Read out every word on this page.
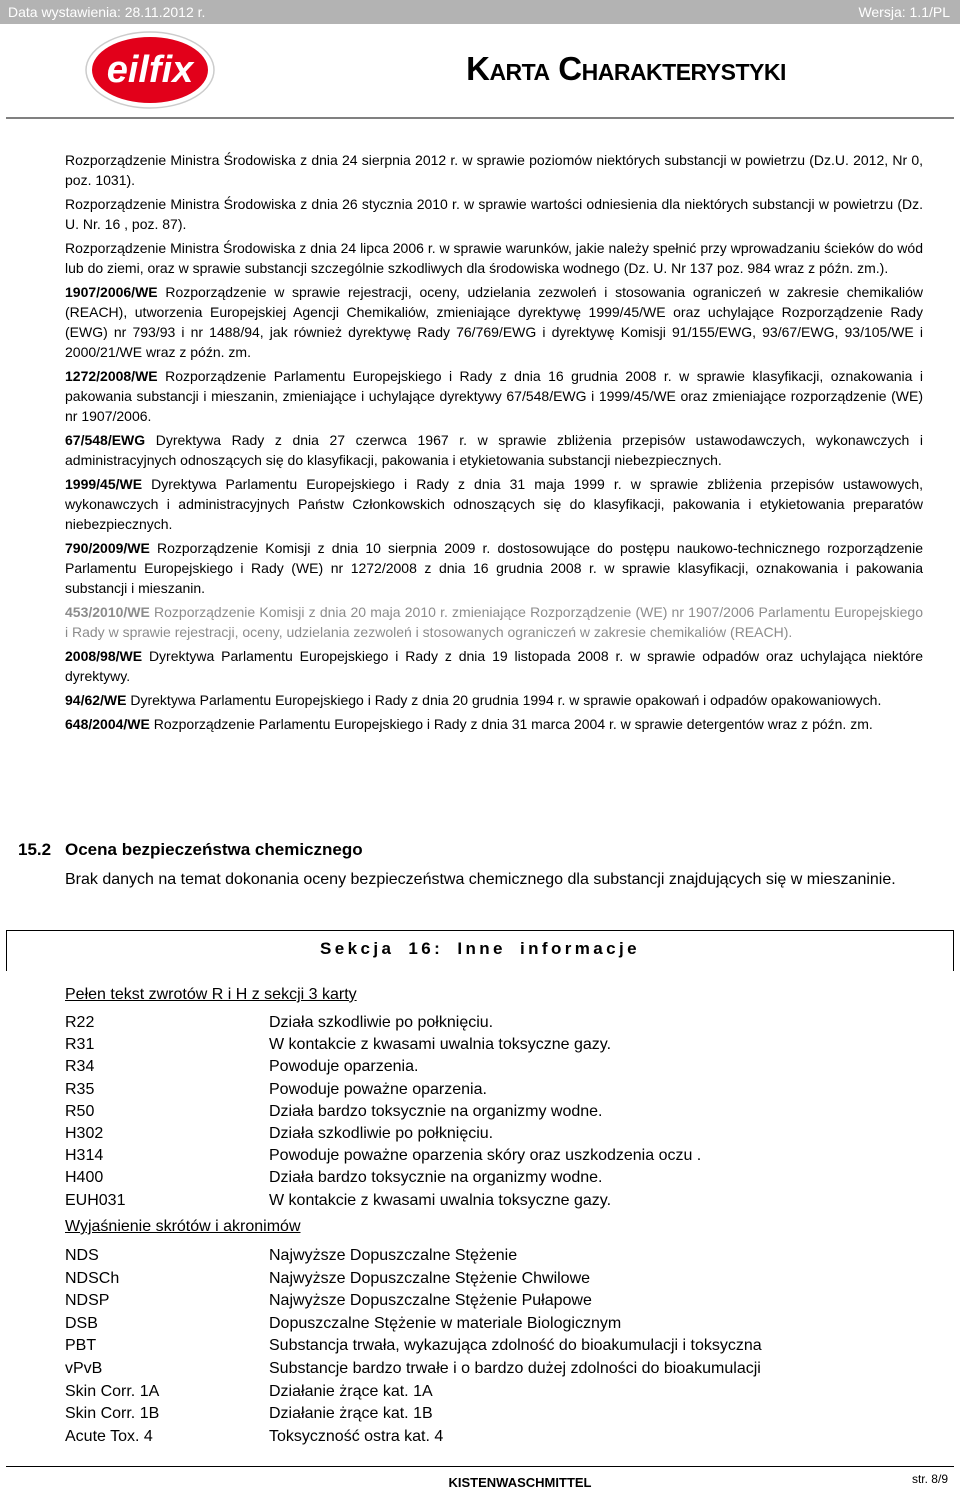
Data wystawienia: 28.11.2012 r.	Wersja: 1.1/PL
eilfix	Karta Charakterystyki

Rozporządzenie Ministra Środowiska z dnia 24 sierpnia 2012 r. w sprawie poziomów niektórych substancji w powietrzu (Dz.U. 2012, Nr 0, poz. 1031).

Rozporządzenie Ministra Środowiska z dnia 26 stycznia 2010 r. w sprawie wartości odniesienia dla niektórych substancji w powietrzu (Dz. U. Nr. 16 , poz. 87).

Rozporządzenie Ministra Środowiska z dnia 24 lipca 2006 r. w sprawie warunków, jakie należy spełnić przy wprowadzaniu ścieków do wód lub do ziemi, oraz w sprawie substancji szczególnie szkodliwych dla środowiska wodnego (Dz. U. Nr 137 poz. 984 wraz z późn. zm.).

1907/2006/WE Rozporządzenie w sprawie rejestracji, oceny, udzielania zezwoleń i stosowania ograniczeń w zakresie chemikaliów (REACH), utworzenia Europejskiej Agencji Chemikaliów, zmieniające dyrektywę 1999/45/WE oraz uchylające Rozporządzenie Rady (EWG) nr 793/93 i nr 1488/94, jak również dyrektywę Rady 76/769/EWG i dyrektywę Komisji 91/155/EWG, 93/67/EWG, 93/105/WE i 2000/21/WE wraz z późn. zm.

1272/2008/WE Rozporządzenie Parlamentu Europejskiego i Rady z dnia 16 grudnia 2008 r. w sprawie klasyfikacji, oznakowania i pakowania substancji i mieszanin, zmieniające i uchylające dyrektywy 67/548/EWG i 1999/45/WE oraz zmieniające rozporządzenie (WE) nr 1907/2006.

67/548/EWG Dyrektywa Rady z dnia 27 czerwca 1967 r. w sprawie zbliżenia przepisów ustawodawczych, wykonawczych i administracyjnych odnoszących się do klasyfikacji, pakowania i etykietowania substancji niebezpiecznych.

1999/45/WE Dyrektywa Parlamentu Europejskiego i Rady z dnia 31 maja 1999 r. w sprawie zbliżenia przepisów ustawowych, wykonawczych i administracyjnych Państw Członkowskich odnoszących się do klasyfikacji, pakowania i etykietowania preparatów niebezpiecznych.

790/2009/WE Rozporządzenie Komisji z dnia 10 sierpnia 2009 r. dostosowujące do postępu naukowo-technicznego rozporządzenie Parlamentu Europejskiego i Rady (WE) nr 1272/2008 z dnia 16 grudnia 2008 r. w sprawie klasyfikacji, oznakowania i pakowania substancji i mieszanin.

453/2010/WE Rozporządzenie Komisji z dnia 20 maja 2010 r. zmieniające Rozporządzenie (WE) nr 1907/2006 Parlamentu Europejskiego i Rady w sprawie rejestracji, oceny, udzielania zezwoleń i stosowanych ograniczeń w zakresie chemikaliów (REACH).

2008/98/WE Dyrektywa Parlamentu Europejskiego i Rady z dnia 19 listopada 2008 r. w sprawie odpadów oraz uchylająca niektóre dyrektywy.

94/62/WE Dyrektywa Parlamentu Europejskiego i Rady z dnia 20 grudnia 1994 r. w sprawie opakowań i odpadów opakowaniowych.

648/2004/WE Rozporządzenie Parlamentu Europejskiego i Rady z dnia 31 marca 2004 r. w sprawie detergentów wraz z późn. zm.

15.2 Ocena bezpieczeństwa chemicznego
Brak danych na temat dokonania oceny bezpieczeństwa chemicznego dla substancji znajdujących się w mieszaninie.
Sekcja 16: Inne informacje
Pełen tekst zwrotów R i H z sekcji 3 karty
R22	Działa szkodliwie po połknięciu.
R31	W kontakcie z kwasami uwalnia toksyczne gazy.
R34	Powoduje oparzenia.
R35	Powoduje poważne oparzenia.
R50	Działa bardzo toksycznie na organizmy wodne.
H302	Działa szkodliwie po połknięciu.
H314	Powoduje poważne oparzenia skóry oraz uszkodzenia oczu .
H400	Działa bardzo toksycznie na organizmy wodne.
EUH031	W kontakcie z kwasami uwalnia toksyczne gazy.
Wyjaśnienie skrótów i akronimów
NDS	Najwyższe Dopuszczalne Stężenie
NDSCh	Najwyższe Dopuszczalne Stężenie Chwilowe
NDSP	Najwyższe Dopuszczalne Stężenie Pułapowe
DSB	Dopuszczalne Stężenie w materiale Biologicznym
PBT	Substancja trwała, wykazująca zdolność do bioakumulacji i toksyczna
vPvB	Substancje bardzo trwałe i o bardzo dużej zdolności do bioakumulacji
Skin Corr. 1A	Działanie żrące kat. 1A
Skin Corr. 1B	Działanie żrące kat. 1B
Acute Tox. 4	Toksyczność ostra kat. 4
KISTENWASCHMITTEL	str. 8/9
